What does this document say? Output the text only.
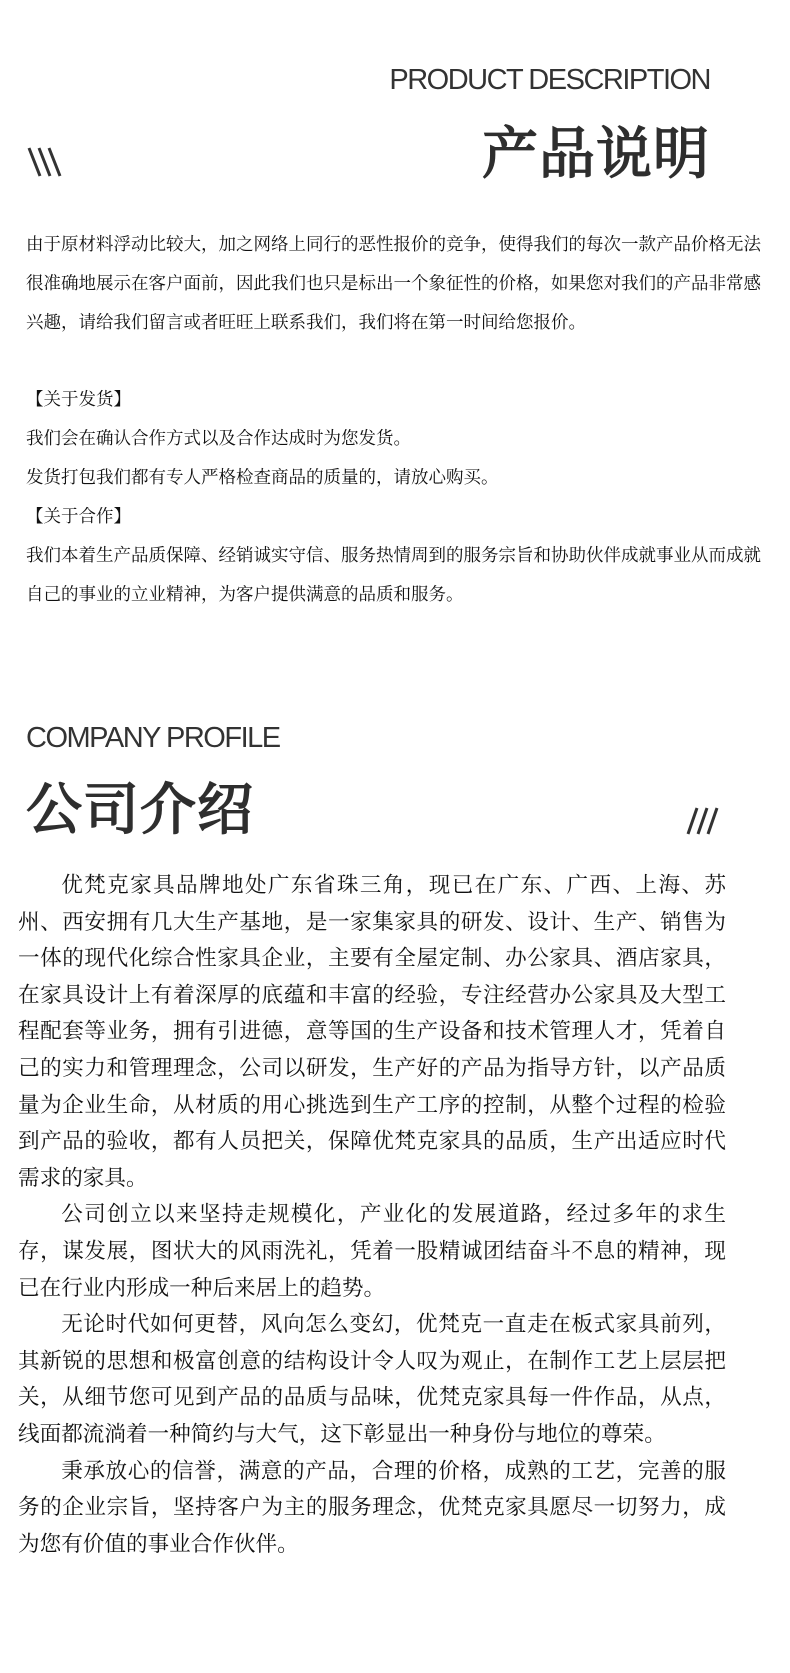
PRODUCT DESCRIPTION
产品说明

由于原材料浮动比较大，加之网络上同行的恶性报价的竞争，使得我们的每次一款产品价格无法很准确地展示在客户面前，因此我们也只是标出一个象征性的价格，如果您对我们的产品非常感兴趣，请给我们留言或者旺旺上联系我们，我们将在第一时间给您报价。

【关于发货】

我们会在确认合作方式以及合作达成时为您发货。

发货打包我们都有专人严格检查商品的质量的，请放心购买。

【关于合作】

我们本着生产品质保障、经销诚实守信、服务热情周到的服务宗旨和协助伙伴成就事业从而成就自己的事业的立业精神，为客户提供满意的品质和服务。

COMPANY PROFILE
公司介绍

优梵克家具品牌地处广东省珠三角，现已在广东、广西、上海、苏州、西安拥有几大生产基地，是一家集家具的研发、设计、生产、销售为一体的现代化综合性家具企业，主要有全屋定制、办公家具、酒店家具，在家具设计上有着深厚的底蕴和丰富的经验，专注经营办公家具及大型工程配套等业务，拥有引进德，意等国的生产设备和技术管理人才，凭着自己的实力和管理理念，公司以研发，生产好的产品为指导方针，以产品质量为企业生命，从材质的用心挑选到生产工序的控制，从整个过程的检验到产品的验收，都有人员把关，保障优梵克家具的品质，生产出适应时代需求的家具。

公司创立以来坚持走规模化，产业化的发展道路，经过多年的求生存，谋发展，图状大的风雨洗礼，凭着一股精诚团结奋斗不息的精神，现已在行业内形成一种后来居上的趋势。

无论时代如何更替，风向怎么变幻，优梵克一直走在板式家具前列，其新锐的思想和极富创意的结构设计令人叹为观止，在制作工艺上层层把关，从细节您可见到产品的品质与品味，优梵克家具每一件作品，从点，线面都流淌着一种简约与大气，这下彰显出一种身份与地位的尊荣。

秉承放心的信誉，满意的产品，合理的价格，成熟的工艺，完善的服务的企业宗旨，坚持客户为主的服务理念，优梵克家具愿尽一切努力，成为您有价值的事业合作伙伴。
